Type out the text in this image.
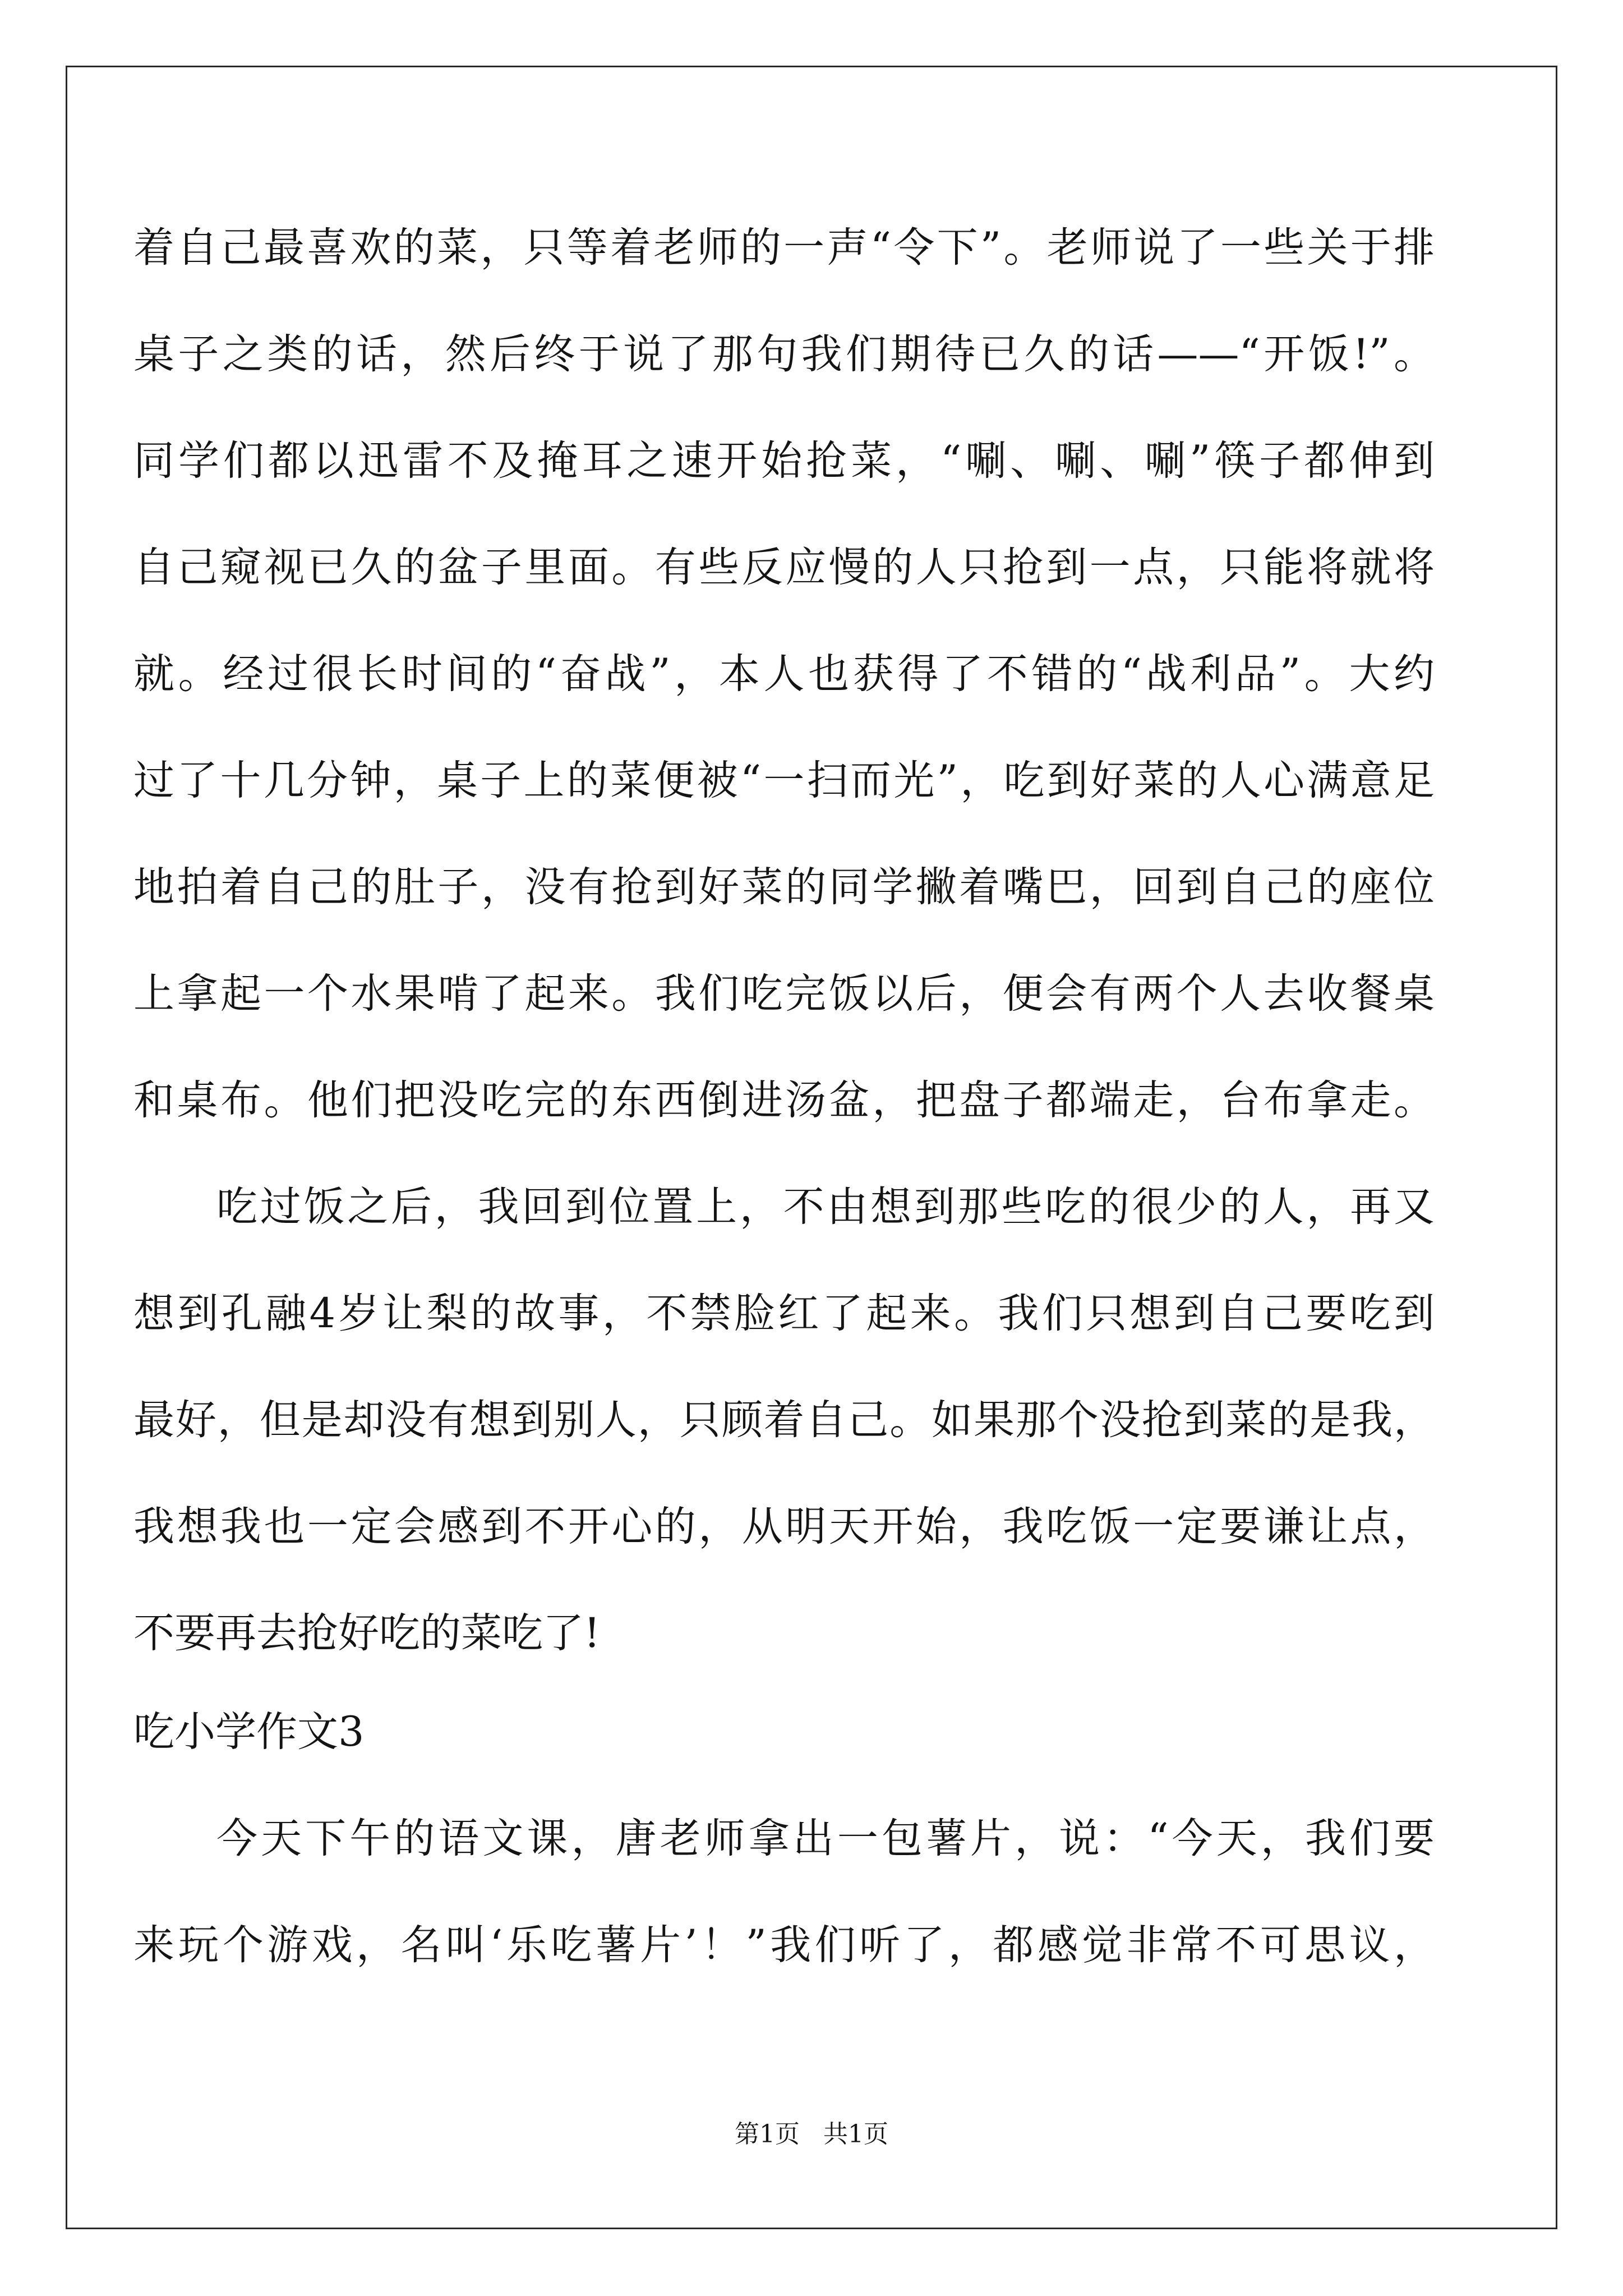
着自己最喜欢的菜，只等着老师的一声“令下”。老师说了一些关于排

桌子之类的话，然后终于说了那句我们期待已久的话——“开饭!”。

同学们都以迅雷不及掩耳之速开始抢菜，“唰、唰、唰”筷子都伸到

自己窥视已久的盆子里面。有些反应慢的人只抢到一点，只能将就将

就。经过很长时间的“奋战”，本人也获得了不错的“战利品”。大约

过了十几分钟，桌子上的菜便被“一扫而光”，吃到好菜的人心满意足

地拍着自己的肚子，没有抢到好菜的同学撇着嘴巴，回到自己的座位

上拿起一个水果啃了起来。我们吃完饭以后，便会有两个人去收餐桌

和桌布。他们把没吃完的东西倒进汤盆，把盘子都端走，台布拿走。

吃过饭之后，我回到位置上，不由想到那些吃的很少的人，再又

想到孔融4岁让梨的故事，不禁脸红了起来。我们只想到自己要吃到

最好，但是却没有想到别人，只顾着自己。如果那个没抢到菜的是我，

我想我也一定会感到不开心的，从明天开始，我吃饭一定要谦让点，

不要再去抢好吃的菜吃了!

吃小学作文3

今天下午的语文课，唐老师拿出一包薯片，说：“今天，我们要

来玩个游戏，名叫‘乐吃薯片’！”我们听了，都感觉非常不可思议，

第1页   共1页
